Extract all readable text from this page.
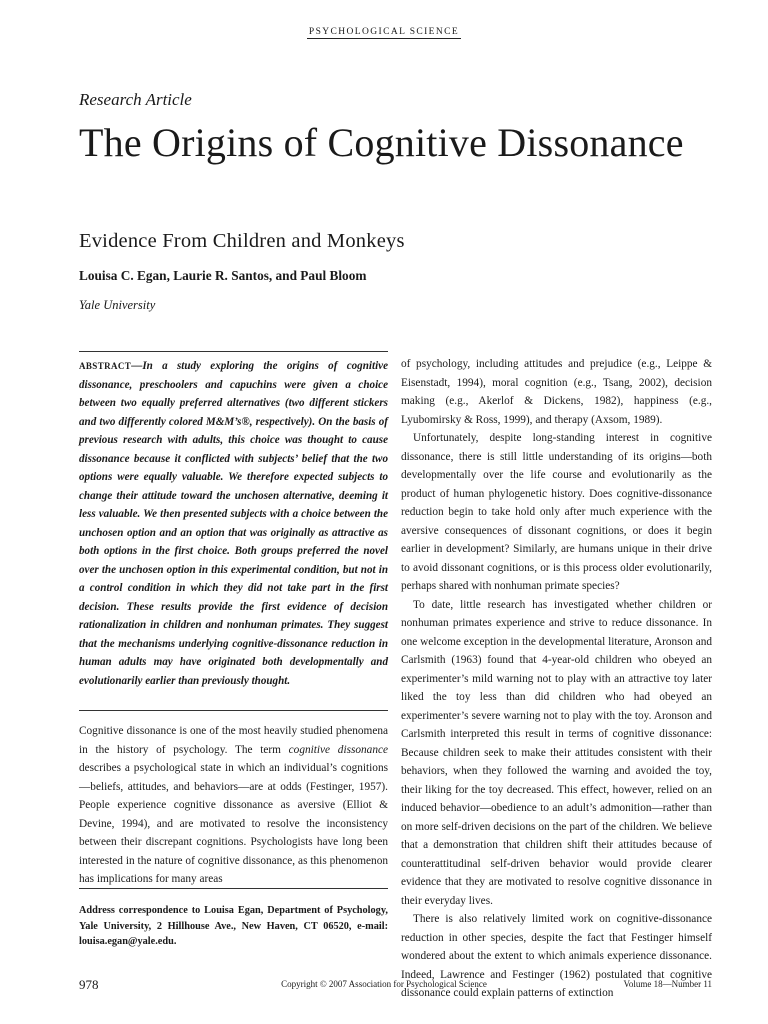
PSYCHOLOGICAL SCIENCE
Research Article
The Origins of Cognitive Dissonance
Evidence From Children and Monkeys
Louisa C. Egan, Laurie R. Santos, and Paul Bloom
Yale University

ABSTRACT—In a study exploring the origins of cognitive dissonance, preschoolers and capuchins were given a choice between two equally preferred alternatives (two different stickers and two differently colored M&M’s®, respectively). On the basis of previous research with adults, this choice was thought to cause dissonance because it conflicted with subjects’ belief that the two options were equally valuable. We therefore expected subjects to change their attitude toward the unchosen alternative, deeming it less valuable. We then presented subjects with a choice between the unchosen option and an option that was originally as attractive as both options in the first choice. Both groups preferred the novel over the unchosen option in this experimental condition, but not in a control condition in which they did not take part in the first decision. These results provide the first evidence of decision rationalization in children and nonhuman primates. They suggest that the mechanisms underlying cognitive-dissonance reduction in human adults may have originated both developmentally and evolutionarily earlier than previously thought.

Cognitive dissonance is one of the most heavily studied phenomena in the history of psychology. The term cognitive dissonance describes a psychological state in which an individual’s cognitions—beliefs, attitudes, and behaviors—are at odds (Festinger, 1957). People experience cognitive dissonance as aversive (Elliot & Devine, 1994), and are motivated to resolve the inconsistency between their discrepant cognitions. Psychologists have long been interested in the nature of cognitive dissonance, as this phenomenon has implications for many areas

Address correspondence to Louisa Egan, Department of Psychology, Yale University, 2 Hillhouse Ave., New Haven, CT 06520, e-mail: louisa.egan@yale.edu.

of psychology, including attitudes and prejudice (e.g., Leippe & Eisenstadt, 1994), moral cognition (e.g., Tsang, 2002), decision making (e.g., Akerlof & Dickens, 1982), happiness (e.g., Lyubomirsky & Ross, 1999), and therapy (Axsom, 1989).

Unfortunately, despite long-standing interest in cognitive dissonance, there is still little understanding of its origins—both developmentally over the life course and evolutionarily as the product of human phylogenetic history. Does cognitive-dissonance reduction begin to take hold only after much experience with the aversive consequences of dissonant cognitions, or does it begin earlier in development? Similarly, are humans unique in their drive to avoid dissonant cognitions, or is this process older evolutionarily, perhaps shared with nonhuman primate species?

To date, little research has investigated whether children or nonhuman primates experience and strive to reduce dissonance. In one welcome exception in the developmental literature, Aronson and Carlsmith (1963) found that 4-year-old children who obeyed an experimenter’s mild warning not to play with an attractive toy later liked the toy less than did children who had obeyed an experimenter’s severe warning not to play with the toy. Aronson and Carlsmith interpreted this result in terms of cognitive dissonance: Because children seek to make their attitudes consistent with their behaviors, when they followed the warning and avoided the toy, their liking for the toy decreased. This effect, however, relied on an induced behavior—obedience to an adult’s admonition—rather than on more self-driven decisions on the part of the children. We believe that a demonstration that children shift their attitudes because of counterattitudinal self-driven behavior would provide clearer evidence that they are motivated to resolve cognitive dissonance in their everyday lives.

There is also relatively limited work on cognitive-dissonance reduction in other species, despite the fact that Festinger himself wondered about the extent to which animals experience dissonance. Indeed, Lawrence and Festinger (1962) postulated that cognitive dissonance could explain patterns of extinction

978	Copyright © 2007 Association for Psychological Science	Volume 18—Number 11
